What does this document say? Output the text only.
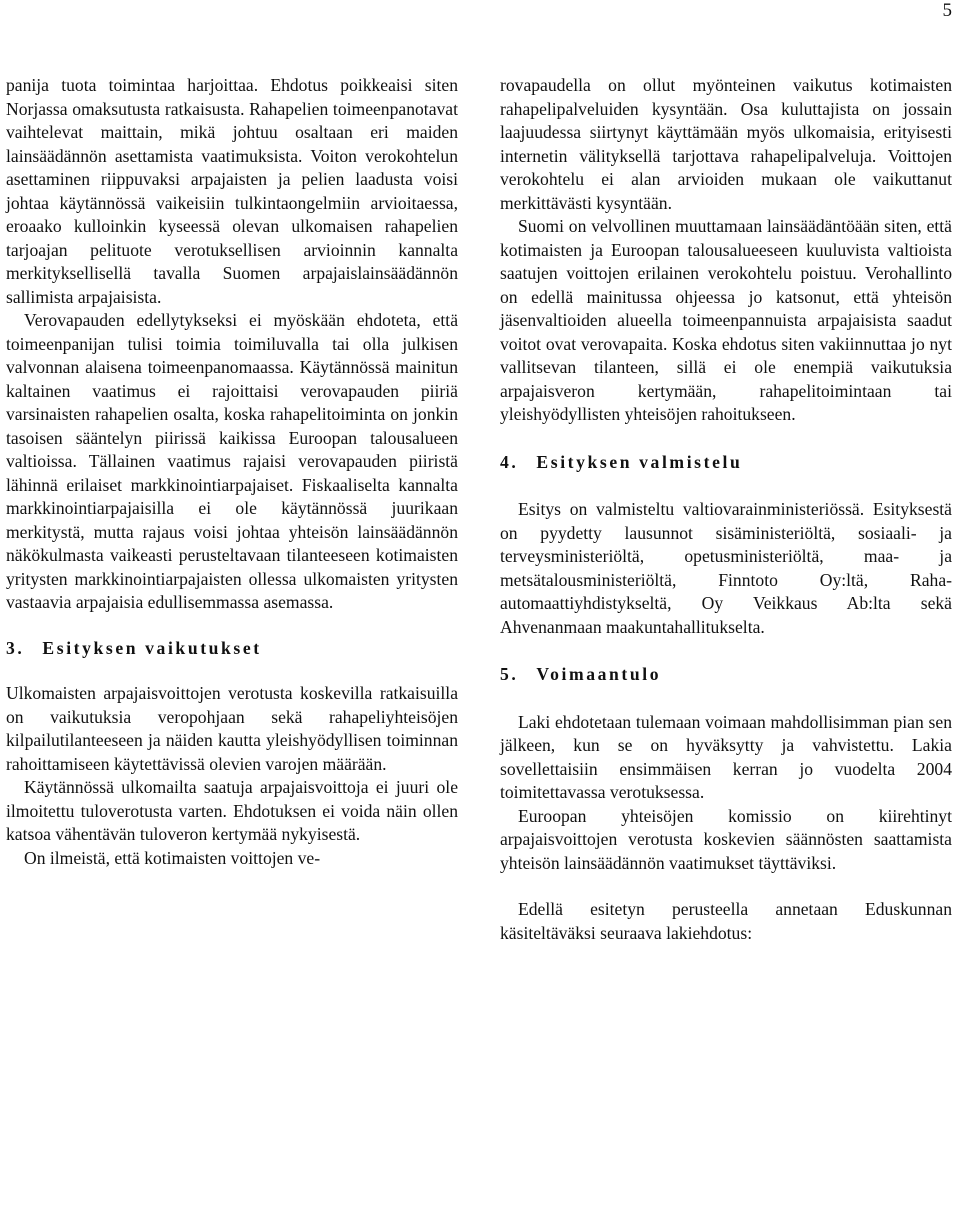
5

panija tuota toimintaa harjoittaa. Ehdotus poikkeaisi siten Norjassa omaksutusta ratkaisusta. Rahapelien toimeenpanotavat vaihtelevat maittain, mikä johtuu osaltaan eri maiden lainsäädännön asettamista vaatimuksista. Voiton verokohtelun asettaminen riippuvaksi arpajaisten ja pelien laadusta voisi johtaa käytännössä vaikeisiin tulkintaongelmiin arvioitaessa, eroaako kulloinkin kyseessä olevan ulkomaisen rahapelien tarjoajan pelituote verotuksellisen arvioinnin kannalta merkityksellisellä tavalla Suomen arpajaislainsäädännön sallimista arpajaisista.

Verovapauden edellytykseksi ei myöskään ehdoteta, että toimeenpanijan tulisi toimia toimiluvalla tai olla julkisen valvonnan alaisena toimeenpanomaassa. Käytännössä mainitun kaltainen vaatimus ei rajoittaisi verovapauden piiriä varsinaisten rahapelien osalta, koska rahapelitoiminta on jonkin tasoisen sääntelyn piirissä kaikissa Euroopan talousalueen valtioissa. Tällainen vaatimus rajaisi verovapauden piiristä lähinnä erilaiset markkinointiarpajaiset. Fiskaaliselta kannalta markkinointiarpajaisilla ei ole käytännössä juurikaan merkitystä, mutta rajaus voisi johtaa yhteisön lainsäädännön näkökulmasta vaikeasti perusteltavaan tilanteeseen kotimaisten yritysten markkinointiarpajaisten ollessa ulkomaisten yritysten vastaavia arpajaisia edullisemmassa asemassa.

3. Esityksen vaikutukset

Ulkomaisten arpajaisvoittojen verotusta koskevilla ratkaisuilla on vaikutuksia veropohjaan sekä rahapeliyhteisöjen kilpailutilanteeseen ja näiden kautta yleishyödyllisen toiminnan rahoittamiseen käytettävissä olevien varojen määrään.

Käytännössä ulkomailta saatuja arpajaisvoittoja ei juuri ole ilmoitettu tuloverotusta varten. Ehdotuksen ei voida näin ollen katsoa vähentävän tuloveron kertymää nykyisestä.

On ilmeistä, että kotimaisten voittojen ve-

rovapaudella on ollut myönteinen vaikutus kotimaisten rahapelipalveluiden kysyntään. Osa kuluttajista on jossain laajuudessa siirtynyt käyttämään myös ulkomaisia, erityisesti internetin välityksellä tarjottava rahapelipalveluja. Voittojen verokohtelu ei alan arvioiden mukaan ole vaikuttanut merkittävästi kysyntään.

Suomi on velvollinen muuttamaan lainsäädäntöään siten, että kotimaisten ja Euroopan talousalueeseen kuuluvista valtioista saatujen voittojen erilainen verokohtelu poistuu. Verohallinto on edellä mainitussa ohjeessa jo katsonut, että yhteisön jäsenvaltioiden alueella toimeenpannuista arpajaisista saadut voitot ovat verovapaita. Koska ehdotus siten vakiinnuttaa jo nyt vallitsevan tilanteen, sillä ei ole enempiä vaikutuksia arpajaisveron kertymään, rahapelitoimintaan tai yleishyödyllisten yhteisöjen rahoitukseen.

4. Esityksen valmistelu

Esitys on valmisteltu valtiovarainministeriössä. Esityksestä on pyydetty lausunnot sisäministeriöltä, sosiaali- ja terveysministeriöltä, opetusministeriöltä, maa- ja metsätalousministeriöltä, Finntoto Oy:ltä, Raha-automaattiyhdistykseltä, Oy Veikkaus Ab:lta sekä Ahvenanmaan maakuntahallitukselta.

5. Voimaantulo

Laki ehdotetaan tulemaan voimaan mahdollisimman pian sen jälkeen, kun se on hyväksytty ja vahvistettu. Lakia sovellettaisiin ensimmäisen kerran jo vuodelta 2004 toimitettavassa verotuksessa.

Euroopan yhteisöjen komissio on kiirehtinyt arpajaisvoittojen verotusta koskevien säännösten saattamista yhteisön lainsäädännön vaatimukset täyttäviksi.

Edellä esitetyn perusteella annetaan Eduskunnan käsiteltäväksi seuraava lakiehdotus:
